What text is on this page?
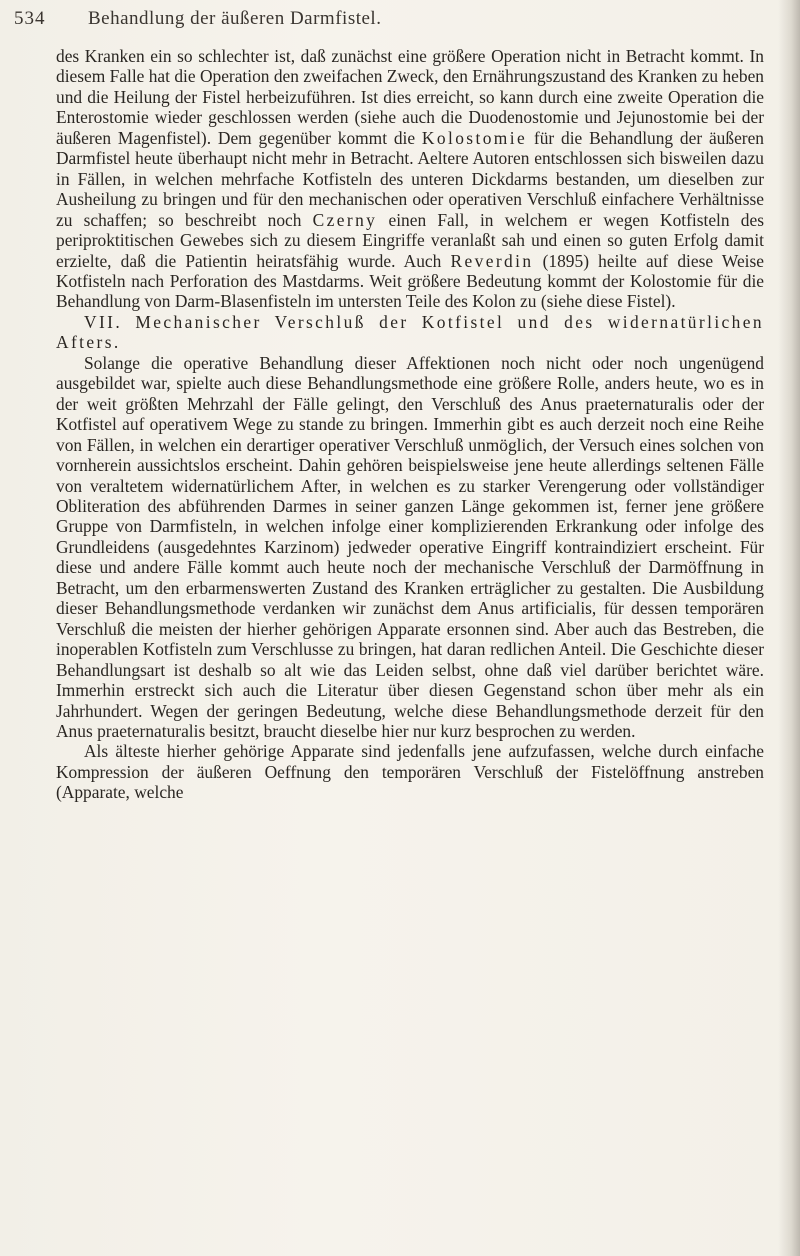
534 Behandlung der äußeren Darmfistel.

des Kranken ein so schlechter ist, daß zunächst eine größere Operation nicht in Betracht kommt. In diesem Falle hat die Operation den zweifachen Zweck, den Ernährungszustand des Kranken zu heben und die Heilung der Fistel herbeizuführen. Ist dies erreicht, so kann durch eine zweite Operation die Enterostomie wieder geschlossen werden (siehe auch die Duodenostomie und Jejunostomie bei der äußeren Magenfistel). Dem gegenüber kommt die Kolostomie für die Behandlung der äußeren Darmfistel heute überhaupt nicht mehr in Betracht. Aeltere Autoren entschlossen sich bisweilen dazu in Fällen, in welchen mehrfache Kotfisteln des unteren Dickdarms bestanden, um dieselben zur Ausheilung zu bringen und für den mechanischen oder operativen Verschluß einfachere Verhältnisse zu schaffen; so beschreibt noch Czerny einen Fall, in welchem er wegen Kotfisteln des periproktitischen Gewebes sich zu diesem Eingriffe veranlaßt sah und einen so guten Erfolg damit erzielte, daß die Patientin heiratsfähig wurde. Auch Reverdin (1895) heilte auf diese Weise Kotfisteln nach Perforation des Mastdarms. Weit größere Bedeutung kommt der Kolostomie für die Behandlung von Darm-Blasenfisteln im untersten Teile des Kolon zu (siehe diese Fistel).

VII. Mechanischer Verschluß der Kotfistel und des widernatürlichen Afters.

Solange die operative Behandlung dieser Affektionen noch nicht oder noch ungenügend ausgebildet war, spielte auch diese Behandlungsmethode eine größere Rolle, anders heute, wo es in der weit größten Mehrzahl der Fälle gelingt, den Verschluß des Anus praeternaturalis oder der Kotfistel auf operativem Wege zu stande zu bringen. Immerhin gibt es auch derzeit noch eine Reihe von Fällen, in welchen ein derartiger operativer Verschluß unmöglich, der Versuch eines solchen von vornherein aussichtslos erscheint. Dahin gehören beispielsweise jene heute allerdings seltenen Fälle von veraltetem widernatürlichem After, in welchen es zu starker Verengerung oder vollständiger Obliteration des abführenden Darmes in seiner ganzen Länge gekommen ist, ferner jene größere Gruppe von Darmfisteln, in welchen infolge einer komplizierenden Erkrankung oder infolge des Grundleidens (ausgedehntes Karzinom) jedweder operative Eingriff kontraindiziert erscheint. Für diese und andere Fälle kommt auch heute noch der mechanische Verschluß der Darmöffnung in Betracht, um den erbarmenswerten Zustand des Kranken erträglicher zu gestalten. Die Ausbildung dieser Behandlungsmethode verdanken wir zunächst dem Anus artificialis, für dessen temporären Verschluß die meisten der hierher gehörigen Apparate ersonnen sind. Aber auch das Bestreben, die inoperablen Kotfisteln zum Verschlusse zu bringen, hat daran redlichen Anteil. Die Geschichte dieser Behandlungsart ist deshalb so alt wie das Leiden selbst, ohne daß viel darüber berichtet wäre. Immerhin erstreckt sich auch die Literatur über diesen Gegenstand schon über mehr als ein Jahrhundert. Wegen der geringen Bedeutung, welche diese Behandlungsmethode derzeit für den Anus praeternaturalis besitzt, braucht dieselbe hier nur kurz besprochen zu werden.

Als älteste hierher gehörige Apparate sind jedenfalls jene aufzufassen, welche durch einfache Kompression der äußeren Oeffnung den temporären Verschluß der Fistelöffnung anstreben (Apparate, welche
